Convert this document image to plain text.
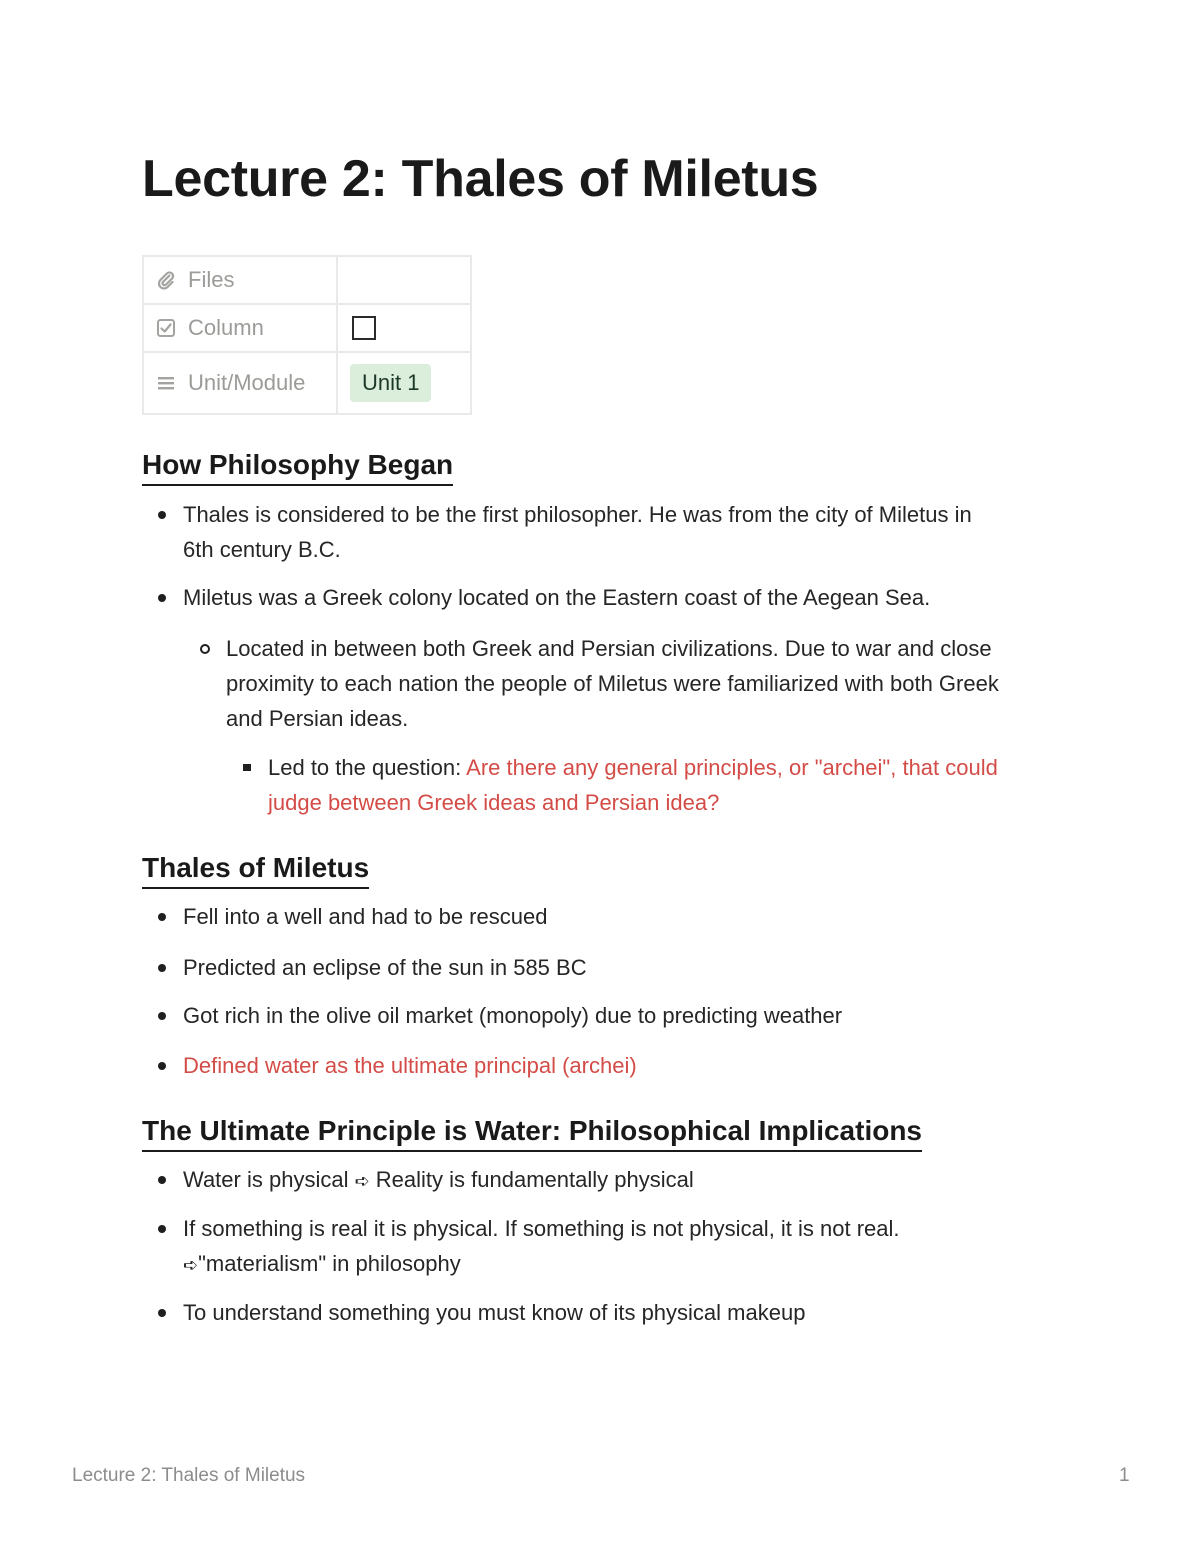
Lecture 2: Thales of Miletus
Files	

Column	

Unit/Module	Unit 1
How Philosophy Began
Thales is considered to be the first philosopher. He was from the city of Miletus in
6th century B.C.
Miletus was a Greek colony located on the Eastern coast of the Aegean Sea.
Located in between both Greek and Persian civilizations. Due to war and close
proximity to each nation the people of Miletus were familiarized with both Greek
and Persian ideas.
Led to the question: Are there any general principles, or "archei", that could
judge between Greek ideas and Persian idea?
Thales of Miletus
Fell into a well and had to be rescued
Predicted an eclipse of the sun in 585 BC
Got rich in the olive oil market (monopoly) due to predicting weather
Defined water as the ultimate principal (archei)
The Ultimate Principle is Water: Philosophical Implications
Water is physical ➪ Reality is fundamentally physical
If something is real it is physical. If something is not physical, it is not real.
➪"materialism" in philosophy
To understand something you must know of its physical makeup
Lecture 2: Thales of Miletus	1
